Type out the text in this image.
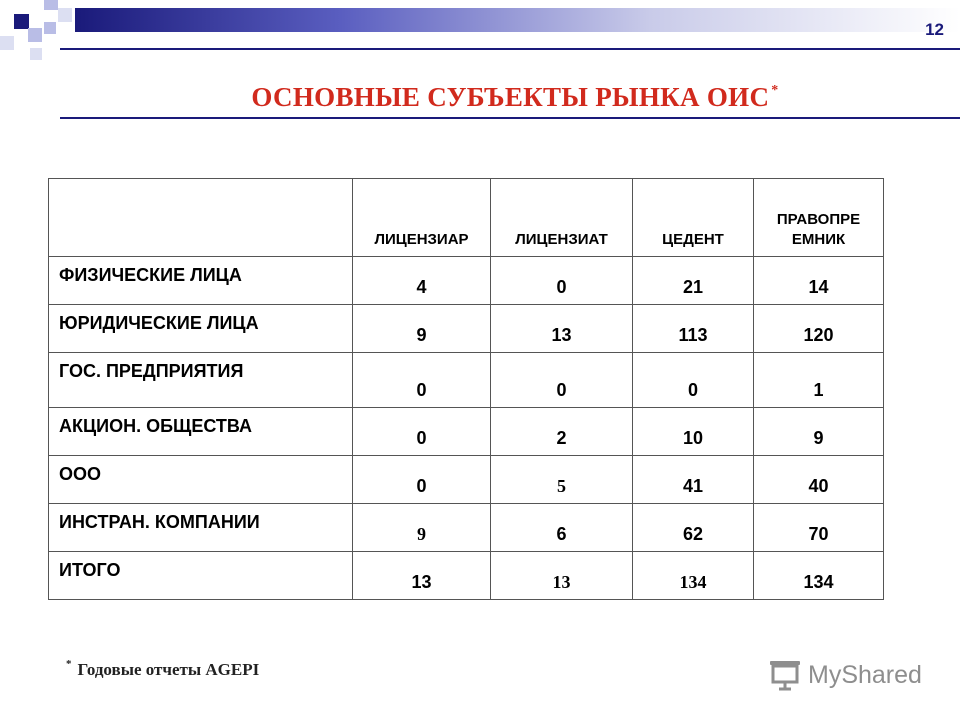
12
ОСНОВНЫЕ СУБЪЕКТЫ РЫНКА ОИС *
	ЛИЦЕНЗИАР	ЛИЦЕНЗИАТ	ЦЕДЕНТ	ПРАВОПРЕ ЕМНИК

ФИЗИЧЕСКИЕ ЛИЦА	4	0	21	14
ЮРИДИЧЕСКИЕ ЛИЦА	9	13	113	120
ГОС. ПРЕДПРИЯТИЯ	0	0	0	1
АКЦИОН. ОБЩЕСТВА	0	2	10	9
ООО	0	5	41	40
ИНСТРАН. КОМПАНИИ	9	6	62	70
ИТОГО	13	13	134	134
* Годовые отчеты AGEPI	MyShared
